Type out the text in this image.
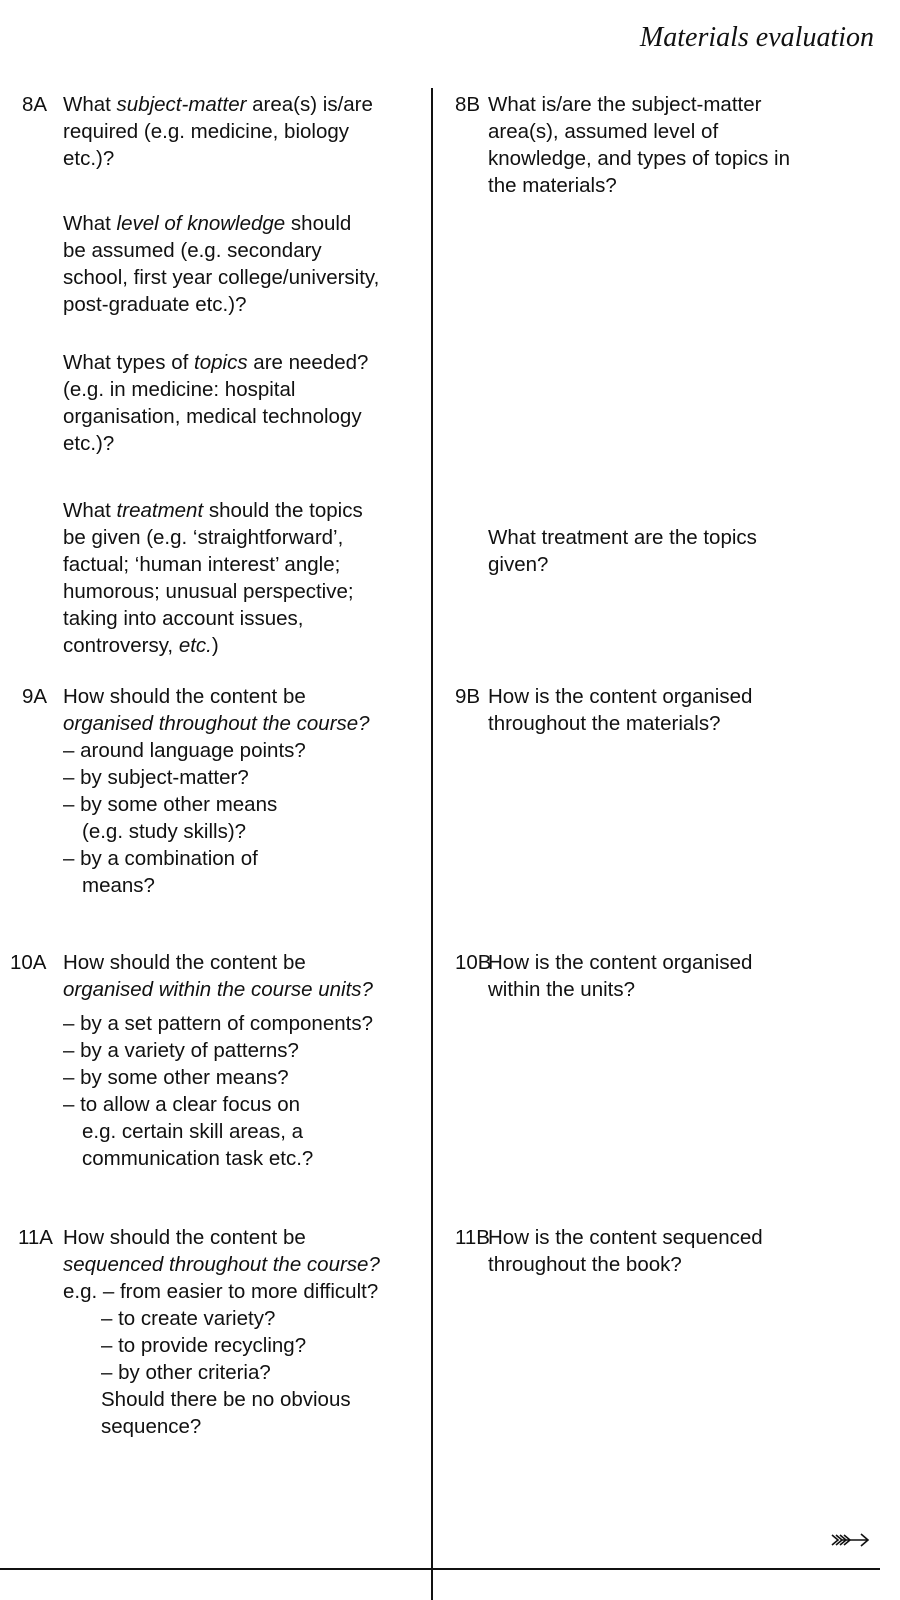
Materials evaluation
8A What subject-matter area(s) is/are
required (e.g. medicine, biology
etc.)?
What level of knowledge should
be assumed (e.g. secondary
school, first year college/university,
post-graduate etc.)?
What types of topics are needed?
(e.g. in medicine: hospital
organisation, medical technology
etc.)?
What treatment should the topics
be given (e.g. ‘straightforward’,
factual; ‘human interest’ angle;
humorous; unusual perspective;
taking into account issues,
controversy, etc.)
9A How should the content be
organised throughout the course?
– around language points?
– by subject-matter?
– by some other means
(e.g. study skills)?
– by a combination of
means?
10A How should the content be
organised within the course units?
– by a set pattern of components?
– by a variety of patterns?
– by some other means?
– to allow a clear focus on
e.g. certain skill areas, a
communication task etc.?
11A How should the content be
sequenced throughout the course?
e.g. – from easier to more difficult?
– to create variety?
– to provide recycling?
– by other criteria?
Should there be no obvious
sequence?
8B What is/are the subject-matter
area(s), assumed level of
knowledge, and types of topics in
the materials?
What treatment are the topics
given?
9B How is the content organised
throughout the materials?
10B
How is the content organised
within the units?
11B
How is the content sequenced
throughout the book?
